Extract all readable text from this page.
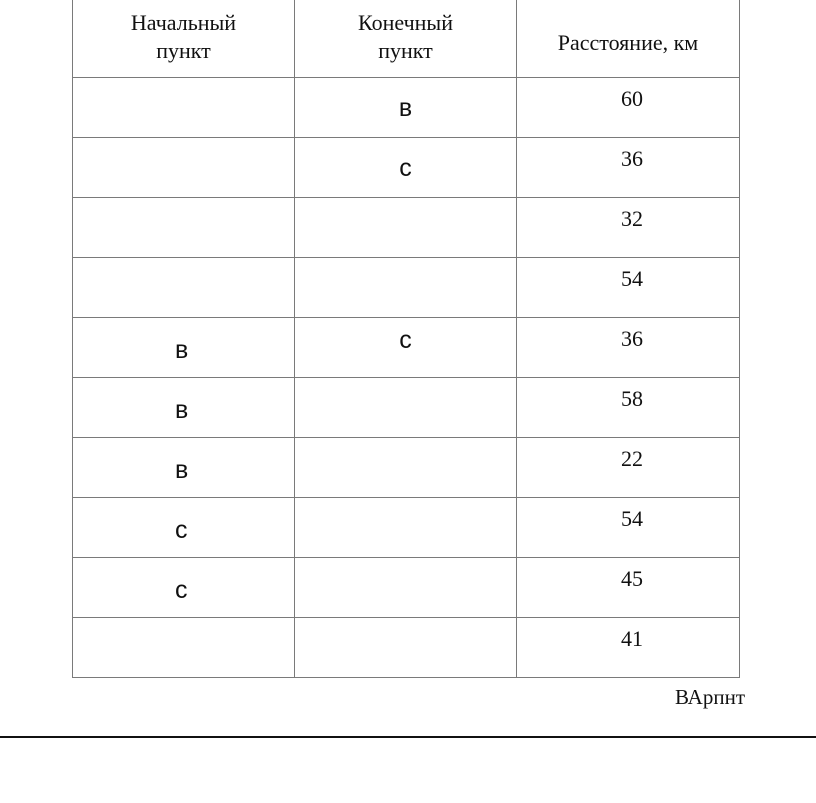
Начальный пункт	Конечный пункт	Расстояние, км

	в	60

	с	36

		32

		54

в	с	36

в		58

в		22

с		54

с		45

		41
ВАрпнт
